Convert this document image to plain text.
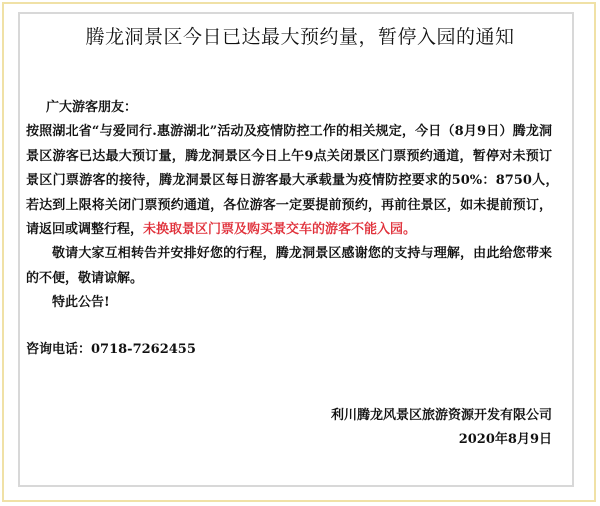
腾龙洞景区今日已达最大预约量，暂停入园的通知
广大游客朋友：
按照湖北省“与爱同行.惠游湖北”活动及疫情防控工作的相关规定，今日（8月9日）腾龙洞景区游客已达最大预订量，腾龙洞景区今日上午9点关闭景区门票预约通道，暂停对未预订景区门票游客的接待，腾龙洞景区每日游客最大承载量为疫情防控要求的50%：8750人，　若达到上限将关闭门票预约通道，各位游客一定要提前预约，再前往景区，如未提前预订，请返回或调整行程，未换取景区门票及购买景交车的游客不能入园。
敬请大家互相转告并安排好您的行程，腾龙洞景区感谢您的支持与理解，由此给您带来的不便，敬请谅解。
特此公告!
咨询电话：0718-7262455
利川腾龙风景区旅游资源开发有限公司
2020年8月9日
